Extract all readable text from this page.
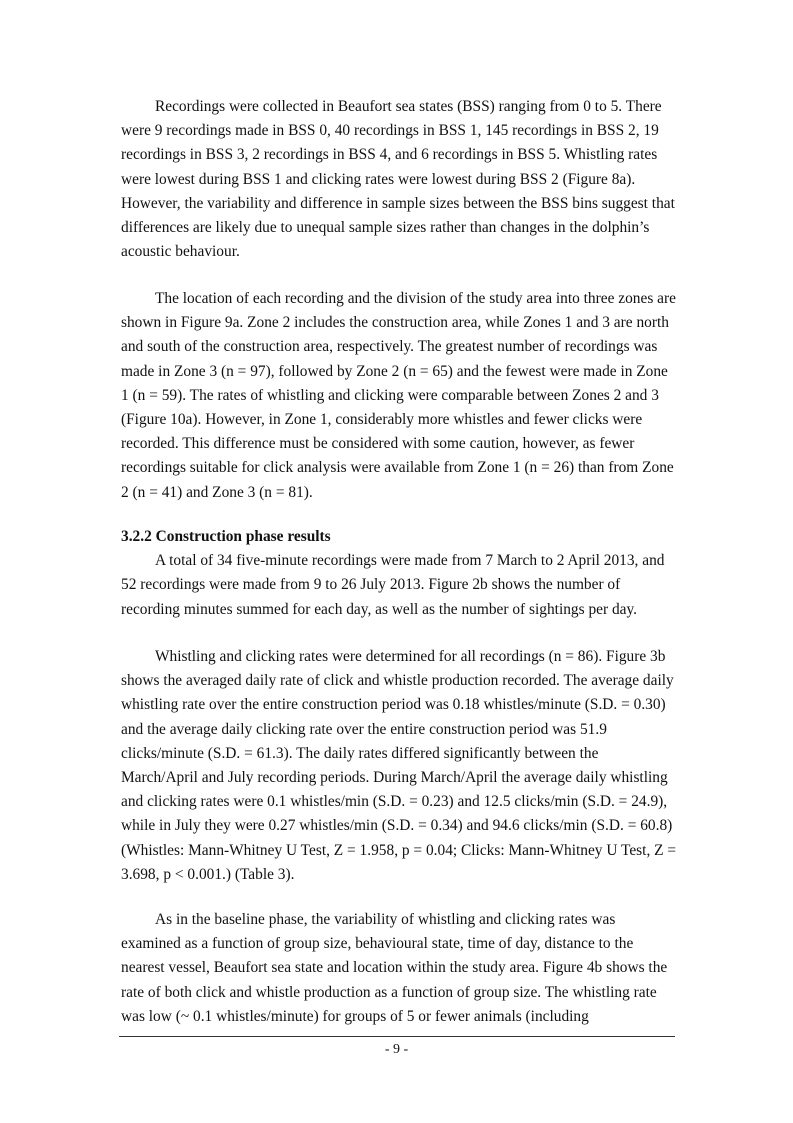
Recordings were collected in Beaufort sea states (BSS) ranging from 0 to 5. There were 9 recordings made in BSS 0, 40 recordings in BSS 1, 145 recordings in BSS 2, 19 recordings in BSS 3, 2 recordings in BSS 4, and 6 recordings in BSS 5. Whistling rates were lowest during BSS 1 and clicking rates were lowest during BSS 2 (Figure 8a). However, the variability and difference in sample sizes between the BSS bins suggest that differences are likely due to unequal sample sizes rather than changes in the dolphin’s acoustic behaviour.

The location of each recording and the division of the study area into three zones are shown in Figure 9a. Zone 2 includes the construction area, while Zones 1 and 3 are north and south of the construction area, respectively. The greatest number of recordings was made in Zone 3 (n = 97), followed by Zone 2 (n = 65) and the fewest were made in Zone 1 (n = 59). The rates of whistling and clicking were comparable between Zones 2 and 3 (Figure 10a). However, in Zone 1, considerably more whistles and fewer clicks were recorded. This difference must be considered with some caution, however, as fewer recordings suitable for click analysis were available from Zone 1 (n = 26) than from Zone 2 (n = 41) and Zone 3 (n = 81).

3.2.2 Construction phase results

A total of 34 five-minute recordings were made from 7 March to 2 April 2013, and 52 recordings were made from 9 to 26 July 2013. Figure 2b shows the number of recording minutes summed for each day, as well as the number of sightings per day.

Whistling and clicking rates were determined for all recordings (n = 86). Figure 3b shows the averaged daily rate of click and whistle production recorded. The average daily whistling rate over the entire construction period was 0.18 whistles/minute (S.D. = 0.30) and the average daily clicking rate over the entire construction period was 51.9 clicks/minute (S.D. = 61.3). The daily rates differed significantly between the March/April and July recording periods. During March/April the average daily whistling and clicking rates were 0.1 whistles/min (S.D. = 0.23) and 12.5 clicks/min (S.D. = 24.9), while in July they were 0.27 whistles/min (S.D. = 0.34) and 94.6 clicks/min (S.D. = 60.8) (Whistles: Mann-Whitney U Test, Z = 1.958, p = 0.04; Clicks: Mann-Whitney U Test, Z = 3.698, p < 0.001.) (Table 3).

As in the baseline phase, the variability of whistling and clicking rates was examined as a function of group size, behavioural state, time of day, distance to the nearest vessel, Beaufort sea state and location within the study area. Figure 4b shows the rate of both click and whistle production as a function of group size. The whistling rate was low (~ 0.1 whistles/minute) for groups of 5 or fewer animals (including

- 9 -
